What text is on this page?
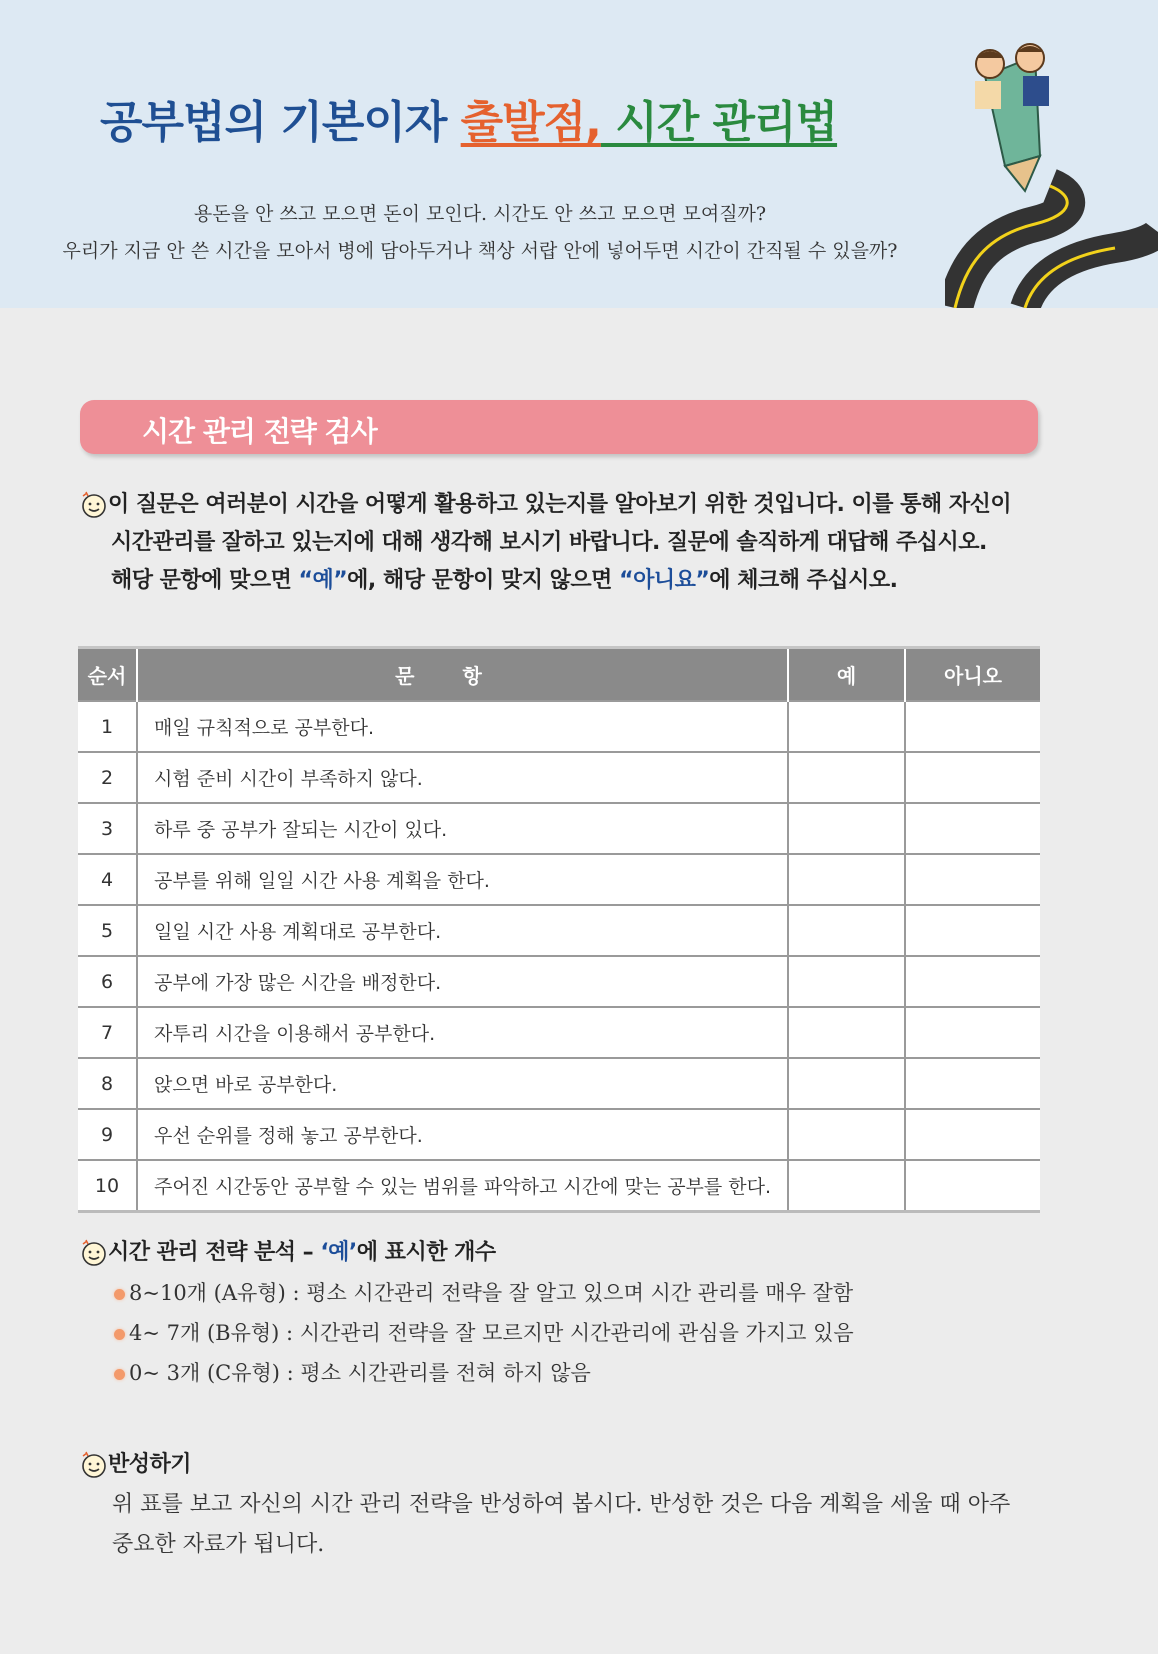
공부법의 기본이자 출발점, 시간 관리법
용돈을 안 쓰고 모으면 돈이 모인다. 시간도 안 쓰고 모으면 모여질까?
우리가 지금 안 쓴 시간을 모아서 병에 담아두거나 책상 서랍 안에 넣어두면 시간이 간직될 수 있을까?
시간 관리 전략 검사
이 질문은 여러분이 시간을 어떻게 활용하고 있는지를 알아보기 위한 것입니다. 이를 통해 자신이
시간관리를 잘하고 있는지에 대해 생각해 보시기 바랍니다. 질문에 솔직하게 대답해 주십시오.
해당 문항에 맞으면 “예”에, 해당 문항이 맞지 않으면 “아니요”에 체크해 주십시오.
순서	문항	예	아니오
1	매일 규칙적으로 공부한다.		
2	시험 준비 시간이 부족하지 않다.		
3	하루 중 공부가 잘되는 시간이 있다.		
4	공부를 위해 일일 시간 사용 계획을 한다.		
5	일일 시간 사용 계획대로 공부한다.		
6	공부에 가장 많은 시간을 배정한다.		
7	자투리 시간을 이용해서 공부한다.		
8	앉으면 바로 공부한다.		
9	우선 순위를 정해 놓고 공부한다.		
10	주어진 시간동안 공부할 수 있는 범위를 파악하고 시간에 맞는 공부를 한다.		
시간 관리 전략 분석 – ‘예’에 표시한 개수
8~10개 (A유형) : 평소 시간관리 전략을 잘 알고 있으며 시간 관리를 매우 잘함
4~ 7개 (B유형) : 시간관리 전략을 잘 모르지만 시간관리에 관심을 가지고 있음
0~ 3개 (C유형) : 평소 시간관리를 전혀 하지 않음
반성하기

위 표를 보고 자신의 시간 관리 전략을 반성하여 봅시다. 반성한 것은 다음 계획을 세울 때 아주
중요한 자료가 됩니다.
